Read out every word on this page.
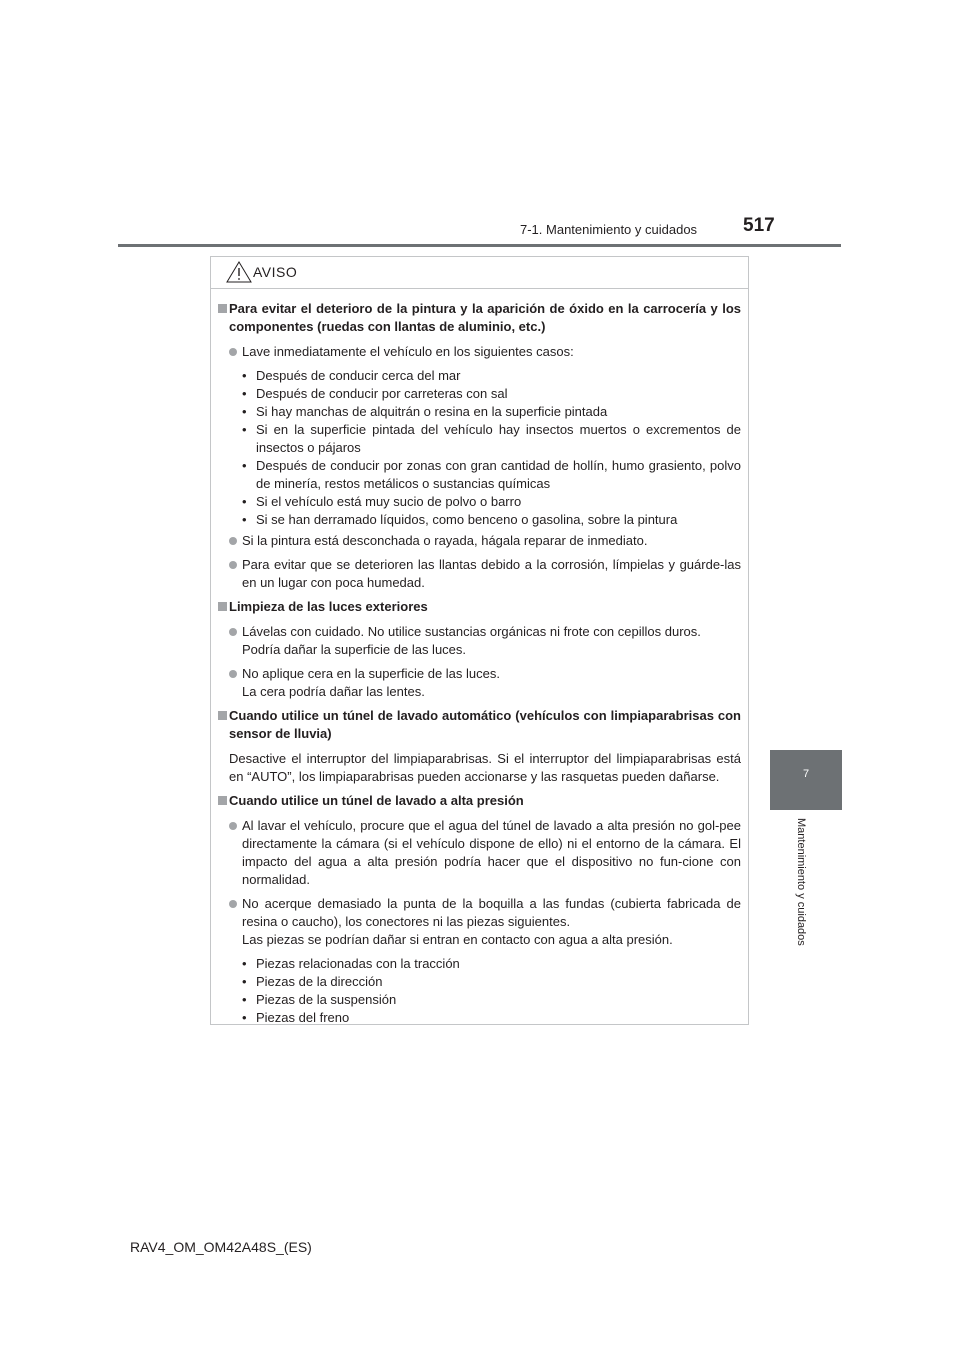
7-1. Mantenimiento y cuidados 517
7
Mantenimiento y cuidados
AVISO
Para evitar el deterioro de la pintura y la aparición de óxido en la carrocería y los componentes (ruedas con llantas de aluminio, etc.)
Lave inmediatamente el vehículo en los siguientes casos:
• Después de conducir cerca del mar
• Después de conducir por carreteras con sal
• Si hay manchas de alquitrán o resina en la superficie pintada
• Si en la superficie pintada del vehículo hay insectos muertos o excrementos de insectos o pájaros
• Después de conducir por zonas con gran cantidad de hollín, humo grasiento, polvo de minería, restos metálicos o sustancias químicas
• Si el vehículo está muy sucio de polvo o barro
• Si se han derramado líquidos, como benceno o gasolina, sobre la pintura
Si la pintura está desconchada o rayada, hágala reparar de inmediato.
Para evitar que se deterioren las llantas debido a la corrosión, límpielas y guárde-las en un lugar con poca humedad.
Limpieza de las luces exteriores
Lávelas con cuidado. No utilice sustancias orgánicas ni frote con cepillos duros.
Podría dañar la superficie de las luces.
No aplique cera en la superficie de las luces.
La cera podría dañar las lentes.
Cuando utilice un túnel de lavado automático (vehículos con limpiaparabrisas con sensor de lluvia)
Desactive el interruptor del limpiaparabrisas. Si el interruptor del limpiaparabrisas está en “AUTO”, los limpiaparabrisas pueden accionarse y las rasquetas pueden dañarse.
Cuando utilice un túnel de lavado a alta presión
Al lavar el vehículo, procure que el agua del túnel de lavado a alta presión no gol-pee directamente la cámara (si el vehículo dispone de ello) ni el entorno de la cámara. El impacto del agua a alta presión podría hacer que el dispositivo no fun-cione con normalidad.
No acerque demasiado la punta de la boquilla a las fundas (cubierta fabricada de resina o caucho), los conectores ni las piezas siguientes.
Las piezas se podrían dañar si entran en contacto con agua a alta presión.
• Piezas relacionadas con la tracción
• Piezas de la dirección
• Piezas de la suspensión
• Piezas del freno
RAV4_OM_OM42A48S_(ES)
